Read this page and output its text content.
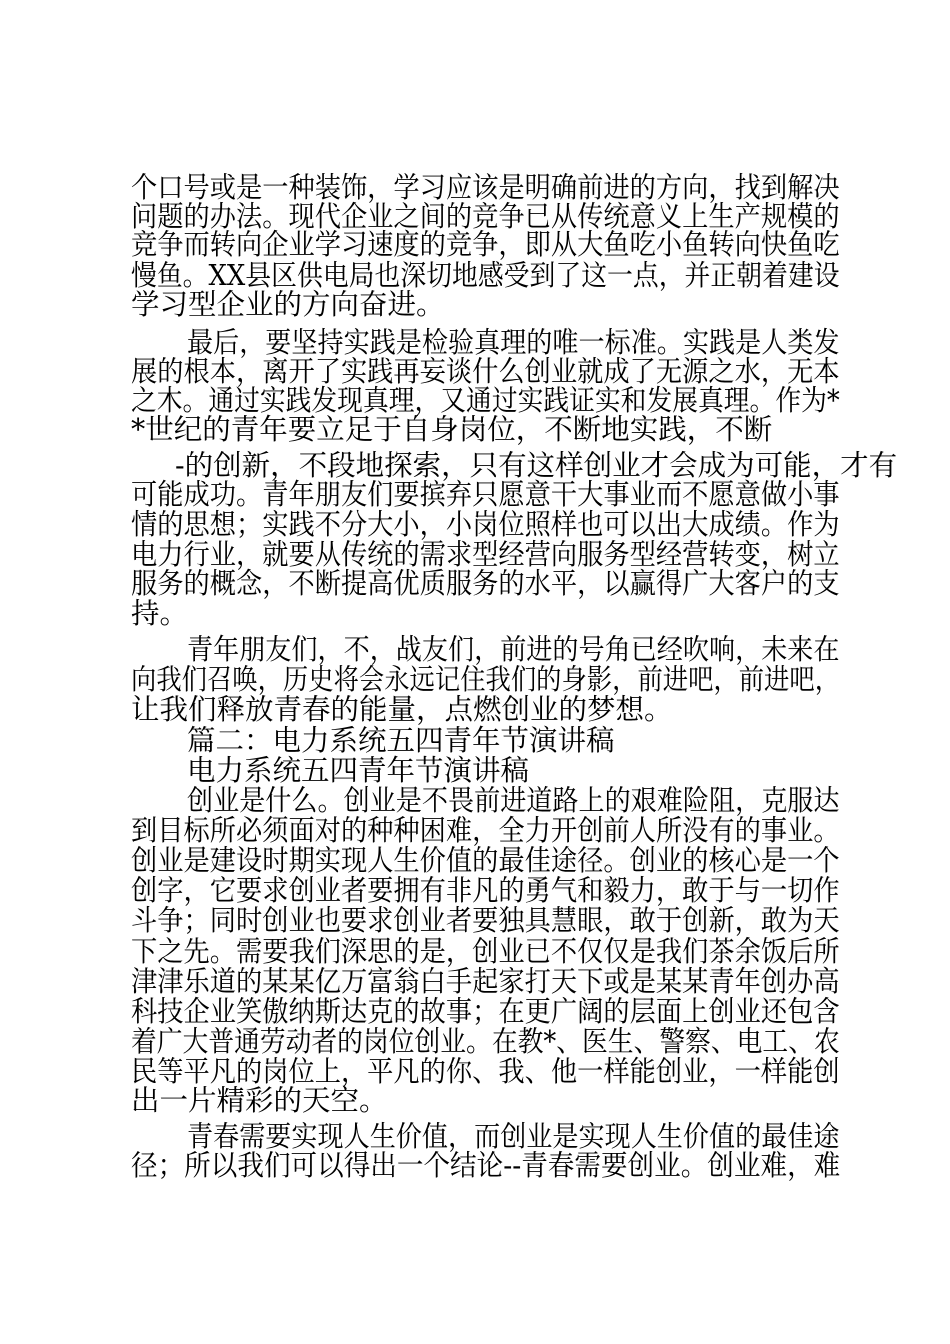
个口号或是一种装饰，学习应该是明确前进的方向，找到解决
问题的办法。现代企业之间的竞争已从传统意义上生产规模的
竞争而转向企业学习速度的竞争，即从大鱼吃小鱼转向快鱼吃
慢鱼。XX县区供电局也深切地感受到了这一点，并正朝着建设
学习型企业的方向奋进。
最后，要坚持实践是检验真理的唯一标准。实践是人类发
展的根本，离开了实践再妄谈什么创业就成了无源之水，无本
之木。通过实践发现真理，又通过实践证实和发展真理。作为*
*世纪的青年要立足于自身岗位，不断地实践，不断
-的创新，不段地探索，只有这样创业才会成为可能，才有
可能成功。青年朋友们要摈弃只愿意干大事业而不愿意做小事
情的思想；实践不分大小，小岗位照样也可以出大成绩。作为
电力行业，就要从传统的需求型经营向服务型经营转变，树立
服务的概念，不断提高优质服务的水平，以赢得广大客户的支
持。
青年朋友们，不，战友们，前进的号角已经吹响，未来在
向我们召唤，历史将会永远记住我们的身影，前进吧，前进吧，
让我们释放青春的能量，点燃创业的梦想。
篇二：电力系统五四青年节演讲稿
电力系统五四青年节演讲稿
创业是什么。创业是不畏前进道路上的艰难险阻，克服达
到目标所必须面对的种种困难，全力开创前人所没有的事业。
创业是建设时期实现人生价值的最佳途径。创业的核心是一个
创字，它要求创业者要拥有非凡的勇气和毅力，敢于与一切作
斗争；同时创业也要求创业者要独具慧眼，敢于创新，敢为天
下之先。需要我们深思的是，创业已不仅仅是我们茶余饭后所
津津乐道的某某亿万富翁白手起家打天下或是某某青年创办高
科技企业笑傲纳斯达克的故事；在更广阔的层面上创业还包含
着广大普通劳动者的岗位创业。在教*、医生、警察、电工、农
民等平凡的岗位上，平凡的你、我、他一样能创业，一样能创
出一片精彩的天空。
青春需要实现人生价值，而创业是实现人生价值的最佳途
径；所以我们可以得出一个结论--青春需要创业。创业难，难
